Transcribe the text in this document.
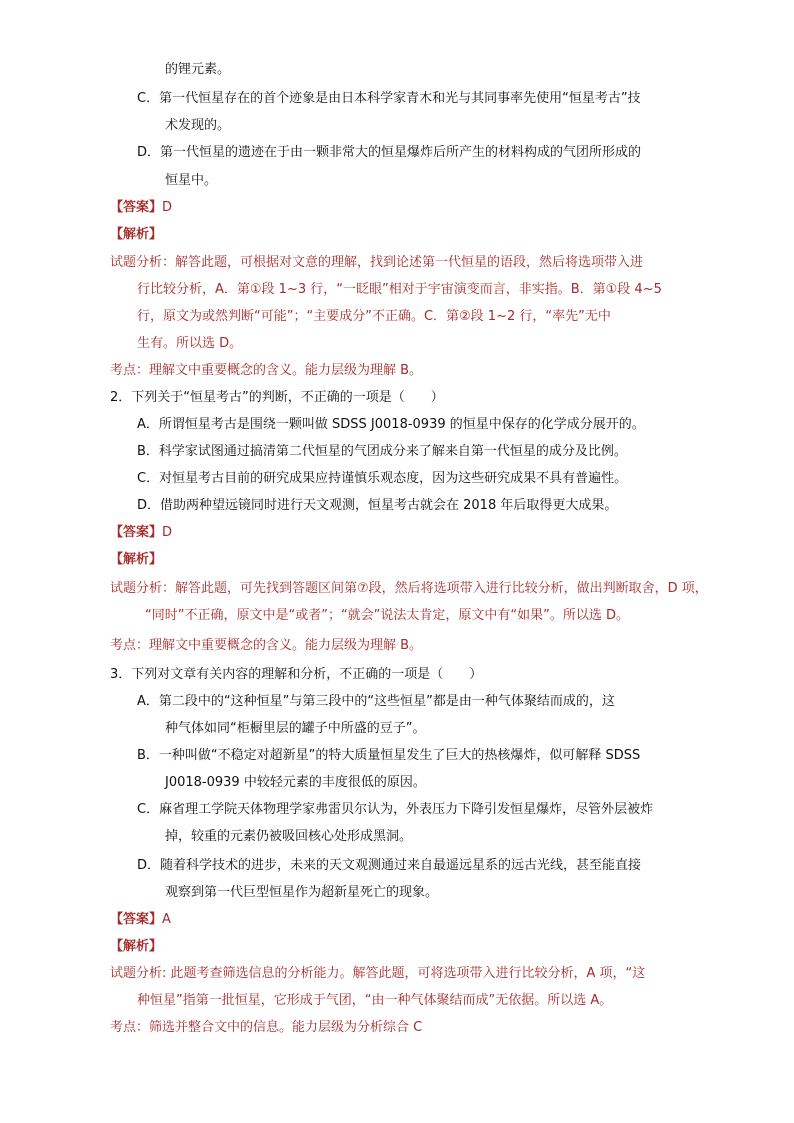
的锂元素。
C．第一代恒星存在的首个迹象是由日本科学家青木和光与其同事率先使用“恒星考古”技
术发现的。
D．第一代恒星的遗迹在于由一颗非常大的恒星爆炸后所产生的材料构成的气团所形成的
恒星中。
【答案】D
【解析】
试题分析：解答此题，可根据对文意的理解，找到论述第一代恒星的语段，然后将选项带入进
行比较分析，A．第①段 1~3 行，“一眨眼”相对于宇宙演变而言，非实指。B．第①段 4~5
行，原文为或然判断“可能”；“主要成分”不正确。C．第②段 1~2 行，“率先”无中
生有。所以选 D。
考点：理解文中重要概念的含义。能力层级为理解 B。
2．下列关于“恒星考古”的判断，不正确的一项是（　　）
A．所谓恒星考古是围绕一颗叫做 SDSS J0018-0939 的恒星中保存的化学成分展开的。
B．科学家试图通过搞清第二代恒星的气团成分来了解来自第一代恒星的成分及比例。
C．对恒星考古目前的研究成果应持谨慎乐观态度，因为这些研究成果不具有普遍性。
D．借助两种望远镜同时进行天文观测，恒星考古就会在 2018 年后取得更大成果。
【答案】D
【解析】
试题分析：解答此题，可先找到答题区间第⑦段，然后将选项带入进行比较分析，做出判断取舍，D 项，
“同时”不正确，原文中是“或者”；“就会”说法太肯定，原文中有“如果”。所以选 D。
考点：理解文中重要概念的含义。能力层级为理解 B。
3．下列对文章有关内容的理解和分析，不正确的一项是（　　）
A．第二段中的“这种恒星”与第三段中的“这些恒星”都是由一种气体聚结而成的，这
种气体如同“柜橱里层的罐子中所盛的豆子”。
B．一种叫做“不稳定对超新星”的特大质量恒星发生了巨大的热核爆炸，似可解释 SDSS
J0018-0939 中较轻元素的丰度很低的原因。
C．麻省理工学院天体物理学家弗雷贝尔认为，外表压力下降引发恒星爆炸，尽管外层被炸
掉，较重的元素仍被吸回核心处形成黑洞。
D．随着科学技术的进步，未来的天文观测通过来自最遥远星系的远古光线，甚至能直接
观察到第一代巨型恒星作为超新星死亡的现象。
【答案】A
【解析】
试题分析: 此题考查筛选信息的分析能力。解答此题，可将选项带入进行比较分析，A 项，“这
种恒星”指第一批恒星，它形成于气团，“由一种气体聚结而成”无依据。所以选 A。
考点：筛选并整合文中的信息。能力层级为分析综合 C
